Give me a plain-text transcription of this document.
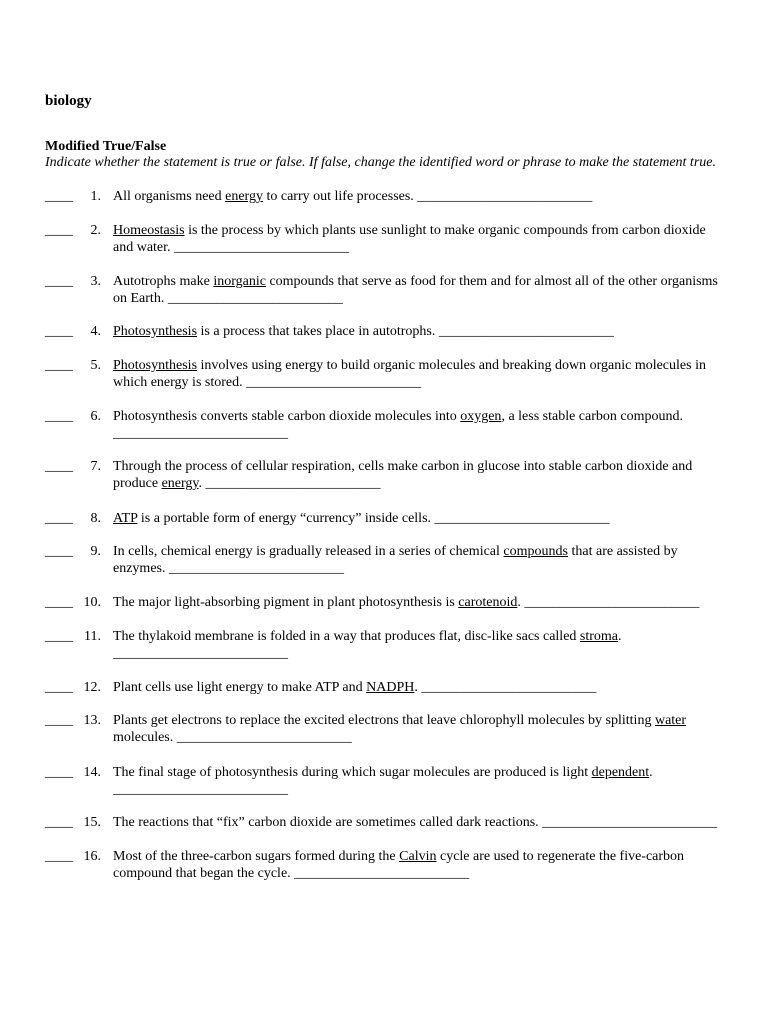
biology
Modified True/False

Indicate whether the statement is true or false. If false, change the identified word or phrase to make the statement true.

____	1. All organisms need energy to carry out life processes. _________________________
____	2. Homeostasis is the process by which plants use sunlight to make organic compounds from carbon dioxide and water. _________________________
____	3. Autotrophs make inorganic compounds that serve as food for them and for almost all of the other organisms on Earth. _________________________
____	4. Photosynthesis is a process that takes place in autotrophs. _________________________
____	5. Photosynthesis involves using energy to build organic molecules and breaking down organic molecules in which energy is stored. _________________________
____	6. Photosynthesis converts stable carbon dioxide molecules into oxygen, a less stable carbon compound. _________________________
____	7. Through the process of cellular respiration, cells make carbon in glucose into stable carbon dioxide and produce energy. _________________________
____	8. ATP is a portable form of energy “currency” inside cells. _________________________
____	9. In cells, chemical energy is gradually released in a series of chemical compounds that are assisted by enzymes. _________________________
____ 10. The major light-absorbing pigment in plant photosynthesis is carotenoid. _________________________
____ 11. The thylakoid membrane is folded in a way that produces flat, disc-like sacs called stroma. _________________________
____ 12. Plant cells use light energy to make ATP and NADPH. _________________________
____ 13. Plants get electrons to replace the excited electrons that leave chlorophyll molecules by splitting water molecules. _________________________
____ 14. The final stage of photosynthesis during which sugar molecules are produced is light dependent. _________________________
____ 15. The reactions that “fix” carbon dioxide are sometimes called dark reactions. _________________________
____ 16. Most of the three-carbon sugars formed during the Calvin cycle are used to regenerate the five-carbon compound that began the cycle. _________________________
